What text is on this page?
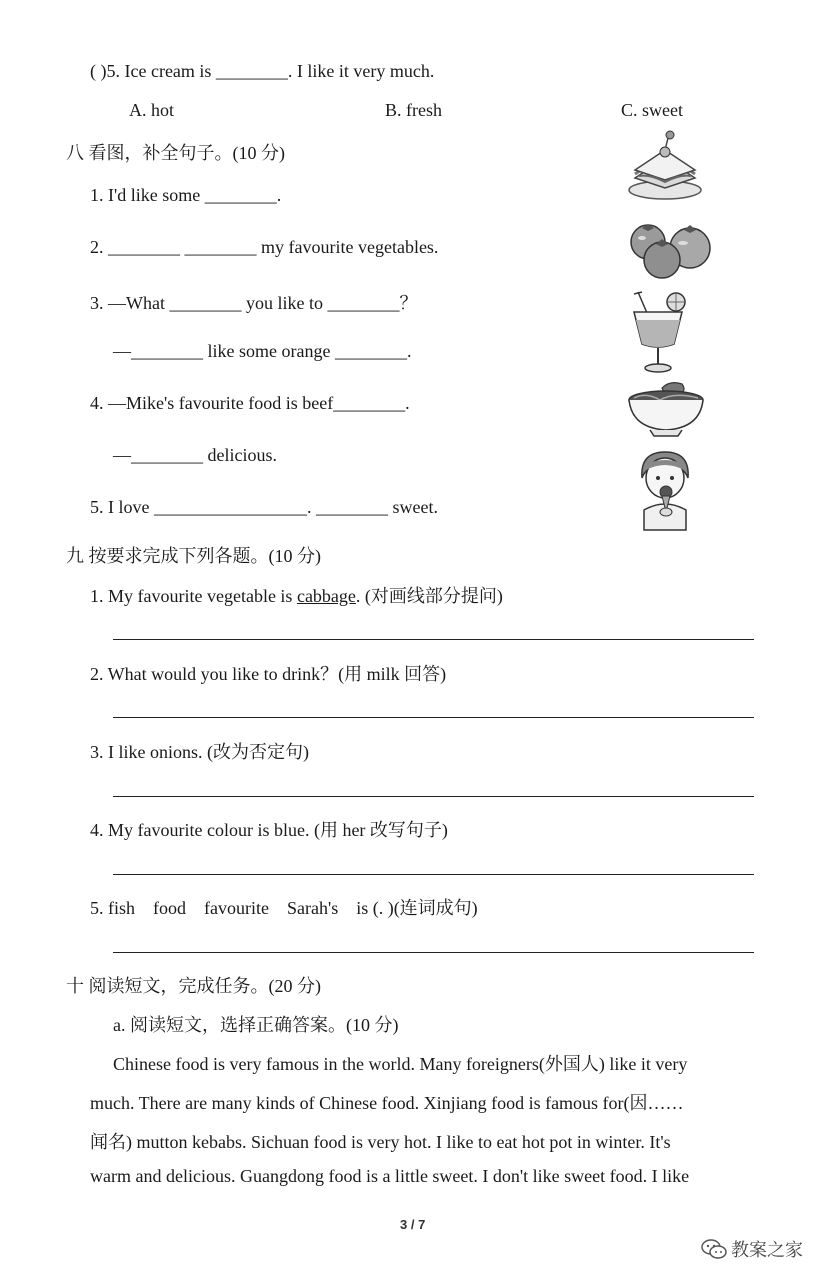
( )5. Ice cream is ________. I like it very much.
A. hot	B. fresh	C. sweet
八 看图，补全句子。(10 分)
1. I'd like some ________.
2. ________ ________ my favourite vegetables.
3. —What ________ you like to ________？
—________ like some orange ________.
4. —Mike's favourite food is beef________.
—________ delicious.
5. I love _________________. ________ sweet.
九 按要求完成下列各题。(10 分)
1. My favourite vegetable is cabbage. (对画线部分提问)
2. What would you like to drink？(用 milk 回答)
3. I like onions. (改为否定句)
4. My favourite colour is blue. (用 her 改写句子)
5. fish    food    favourite    Sarah's    is (. )(连词成句)
十 阅读短文，完成任务。(20 分)
a. 阅读短文，选择正确答案。(10 分)
Chinese food is very famous in the world. Many foreigners(外国人) like it very
much. There are many kinds of Chinese food. Xinjiang food is famous for(因……
闻名) mutton kebabs. Sichuan food is very hot. I like to eat hot pot in winter. It's
warm and delicious. Guangdong food is a little sweet. I don't like sweet food. I like
3 / 7
教案之家
